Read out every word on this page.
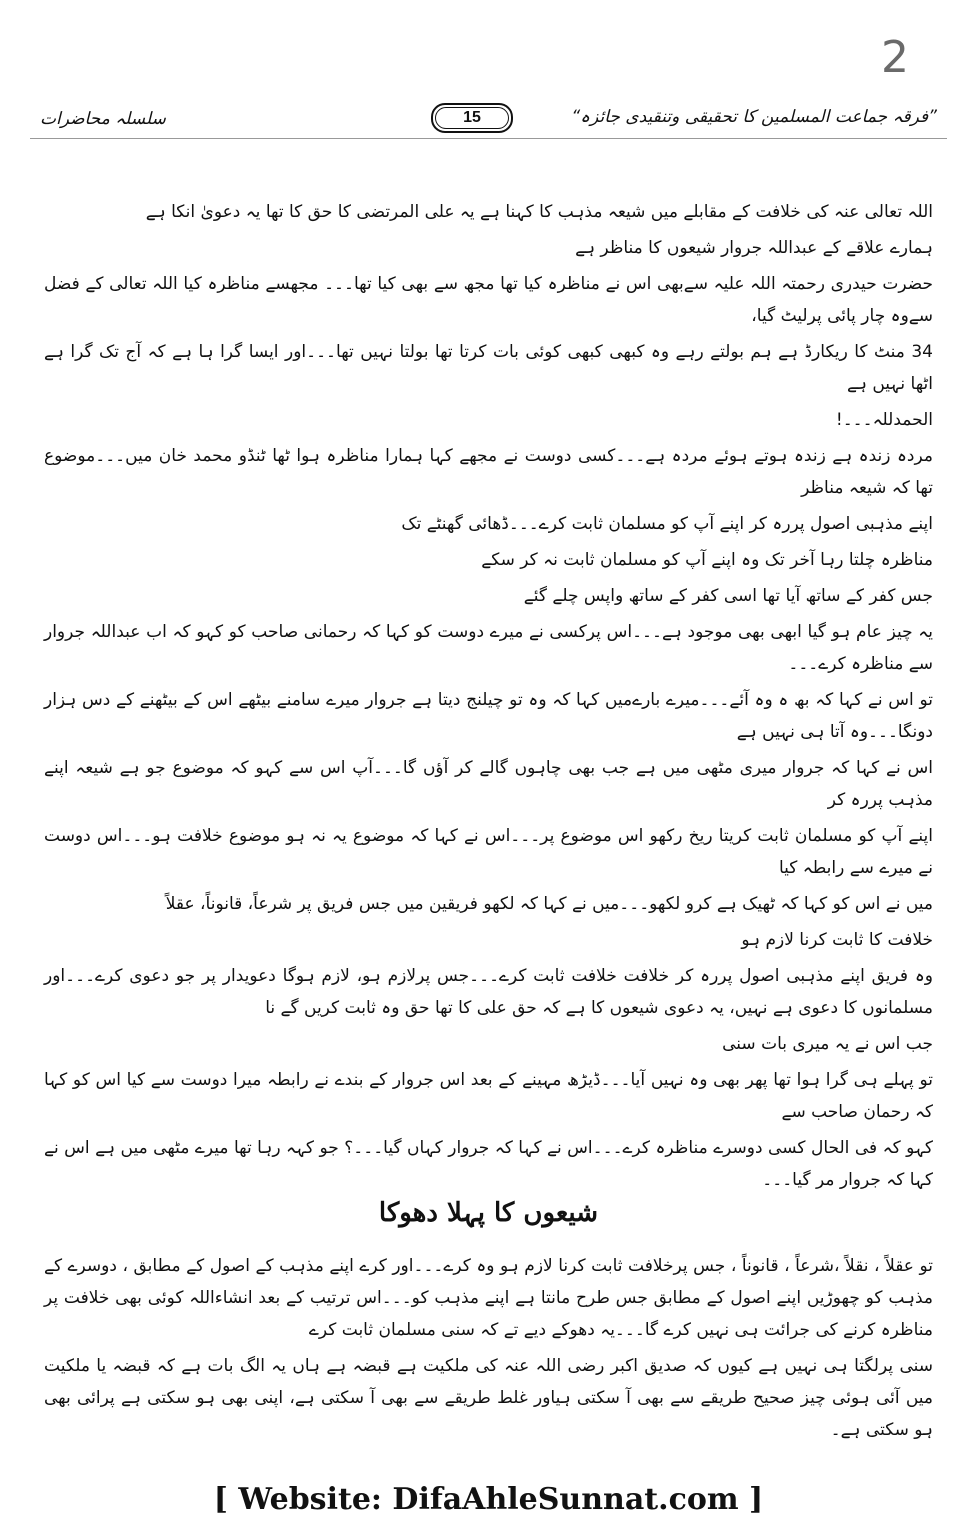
2
سلسلہ محاضرات	15	”فرقہ جماعت المسلمین کا تحقیقی وتنقیدی جائزہ“

اللہ تعالی عنہ کی خلافت کے مقابلے میں شیعہ مذہب کا کہنا ہے یہ علی المرتضی کا حق کا تھا یہ دعویٰ انکا ہے

ہمارے علاقے کے عبداللہ جروار شیعوں کا مناظر ہے

حضرت حیدری رحمتہ اللہ علیہ سےبھی اس نے مناظرہ کیا تھا مجھ سے بھی کیا تھا۔۔۔ مجھسے مناظرہ کیا اللہ تعالی کے فضل سےوہ چار پائی پرلیٹ گیا،

34 منٹ کا ریکارڈ ہے ہم بولتے رہے وہ کبھی کبھی کوئی بات کرتا تھا بولتا نہیں تھا۔۔۔اور ایسا گرا ہا ہے کہ آج تک گرا ہے اٹھا نہیں ہے

الحمدللہ۔۔۔!

مردہ زندہ ہے زندہ ہوتے ہوئے مردہ ہے۔۔۔کسی دوست نے مجھے کہا ہمارا مناظرہ ہوا ٹھا ٹنڈو محمد خان میں۔۔۔موضوع تھا کہ شیعہ مناظر

اپنے مذہبی اصول پررہ کر اپنے آپ کو مسلمان ثابت کرے۔۔۔ڈھائی گھنٹے تک

مناظرہ چلتا رہا آخر تک وہ اپنے آپ کو مسلمان ثابت نہ کر سکے

جس کفر کے ساتھ آیا تھا اسی کفر کے ساتھ واپس چلے گئے

یہ چیز عام ہو گیا ابھی بھی موجود ہے۔۔۔اس پرکسی نے میرے دوست کو کہا کہ رحمانی صاحب کو کہو کہ اب عبداللہ جروار سے مناظرہ کرے۔۔۔

تو اس نے کہا کہ بھ ہ وہ آئے۔۔۔میرے بارےمیں کہا کہ وہ تو چیلنج دیتا ہے جروار میرے سامنے بیٹھے اس کے بیٹھنے کے دس ہزار دونگا۔۔۔وہ آتا ہی نہیں ہے

اس نے کہا کہ جروار میری مٹھی میں ہے جب بھی چاہوں گالے کر آؤں گا۔۔۔آپ اس سے کہو کہ موضوع جو ہے شیعہ اپنے مذہب پررہ کر

اپنے آپ کو مسلمان ثابت کریتا ریخ رکھو اس موضوع پر۔۔۔اس نے کہا کہ موضوع یہ نہ ہو موضوع خلافت ہو۔۔۔اس دوست نے میرے سے رابطہ کیا

میں نے اس کو کہا کہ ٹھیک ہے کرو لکھو۔۔۔میں نے کہا کہ لکھو فریقین میں جس فریق پر شرعاً، قانوناً، عقلاً

خلافت کا ثابت کرنا لازم ہو

وہ فریق اپنے مذہبی اصول پررہ کر خلافت خلافت ثابت کرے۔۔۔جس پرلازم ہو، لازم ہوگا دعویدار پر جو دعوی کرے۔۔۔اور مسلمانوں کا دعوی ہے نہیں، یہ دعوی شیعوں کا ہے کہ حق علی کا تھا حق وہ ثابت کریں گے نا

جب اس نے یہ میری بات سنی

تو پہلے ہی گرا ہوا تھا پھر بھی وہ نہیں آیا۔۔۔ڈیڑھ مہینے کے بعد اس جروار کے بندے نے رابطہ میرا دوست سے کیا اس کو کہا کہ رحمان صاحب سے

کہو کہ فی الحال کسی دوسرے مناظرہ کرے۔۔۔اس نے کہا کہ جروار کہاں گیا۔۔۔؟ جو کہہ رہا تھا میرے مٹھی میں ہے اس نے کہا کہ جروار مر گیا۔۔۔

شیعوں کا پہلا دھوکا

تو عقلاً ، نقلاً ،شرعاً ، قانوناً ، جس پرخلافت ثابت کرنا لازم ہو وہ کرے۔۔۔اور کرے اپنے مذہب کے اصول کے مطابق ، دوسرے کے مذہب کو چھوڑیں اپنے اصول کے مطابق جس طرح مانتا ہے اپنے مذہب کو۔۔۔اس ترتیب کے بعد انشاءاللہ کوئی بھی خلافت پر مناظرہ کرنے کی جرائت ہی نہیں کرے گا۔۔۔یہ دھوکے دیے تے کہ سنی مسلمان ثابت کرے

سنی پرلگتا ہی نہیں ہے کیوں کہ صدیق اکبر رضی اللہ عنہ کی ملکیت ہے قبضہ ہے ہاں یہ الگ بات ہے کہ قبضہ یا ملکیت میں آئی ہوئی چیز صحیح طریقے سے بھی آ سکتی ہیاور غلط طریقے سے بھی آ سکتی ہے، اپنی بھی ہو سکتی ہے پرائی بھی ہو سکتی ہے۔

[ Website: DifaAhleSunnat.com ]
